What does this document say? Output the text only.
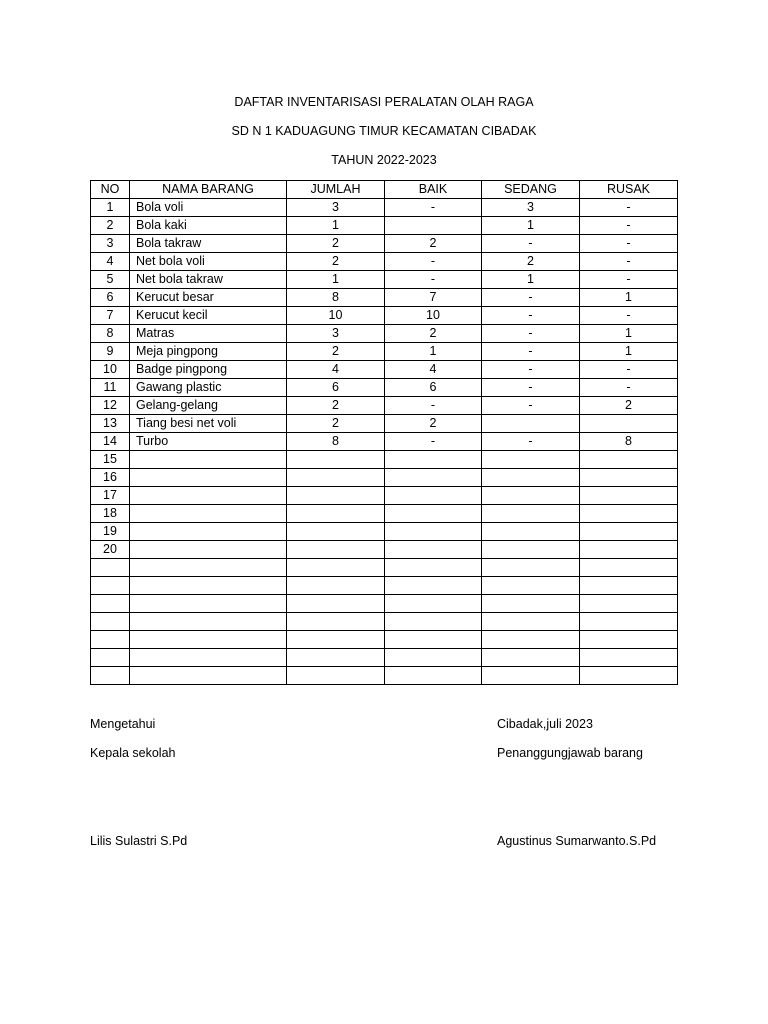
DAFTAR INVENTARISASI PERALATAN OLAH RAGA
SD N 1 KADUAGUNG TIMUR KECAMATAN CIBADAK
TAHUN 2022-2023
NO	NAMA BARANG	JUMLAH	BAIK	SEDANG	RUSAK
1	Bola voli	3	-	3	-
2	Bola kaki	1		1	-
3	Bola takraw	2	2	-	-
4	Net bola voli	2	-	2	-
5	Net bola takraw	1	-	1	-
6	Kerucut besar	8	7	-	1
7	Kerucut kecil	10	10	-	-
8	Matras	3	2	-	1
9	Meja pingpong	2	1	-	1
10	Badge pingpong	4	4	-	-
11	Gawang plastic	6	6	-	-
12	Gelang-gelang	2	-	-	2
13	Tiang besi net voli	2	2		
14	Turbo	8	-	-	8
15					
16					
17					
18					
19					
20					

Mengetahui
Kepala sekolah
Lilis Sulastri S.Pd
Cibadak,juli 2023
Penanggungjawab barang
Agustinus Sumarwanto.S.Pd
